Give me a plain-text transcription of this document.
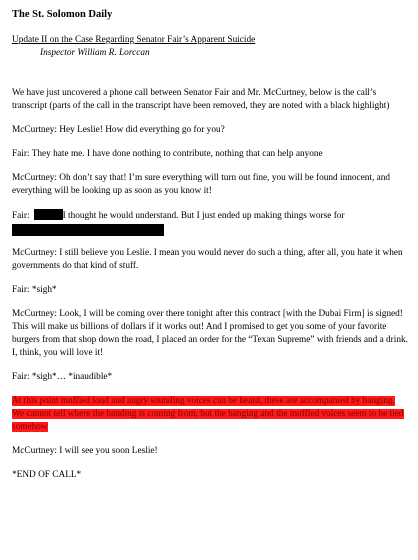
The St. Solomon Daily

Update II on the Case Regarding Senator Fair’s Apparent Suicide

Inspector William R. Lorccan

We have just uncovered a phone call between Senator Fair and Mr. McCurtney, below is the call’s transcript (parts of the call in the transcript have been removed, they are noted with a black highlight)

McCurtney: Hey Leslie! How did everything go for you?

Fair: They hate me. I have done nothing to contribute, nothing that can help anyone

McCurtney: Oh don’t say that! I’m sure everything will turn out fine, you will be found innocent, and everything will be looking up as soon as you know it!

Fair:	I thought he would understand. But I just ended up making things worse for

McCurtney: I still believe you Leslie. I mean you would never do such a thing, after all, you hate it when governments do that kind of stuff.

Fair: *sigh*

McCurtney: Look, I will be coming over there tonight after this contract [with the Dubai Firm] is signed! This will make us billions of dollars if it works out! And I promised to get you some of your favorite burgers from that shop down the road, I placed an order for the “Texan Supreme” with friends and a drink. I, think, you will love it!

Fair: *sigh*… *inaudible*

At this point muffled loud and angry sounding voices can be heard, these are accompanied by banging. We cannot tell where the banding is coming from, but the banging and the muffled voices seem to be tied somehow

McCurtney: I will see you soon Leslie!

*END OF CALL*
